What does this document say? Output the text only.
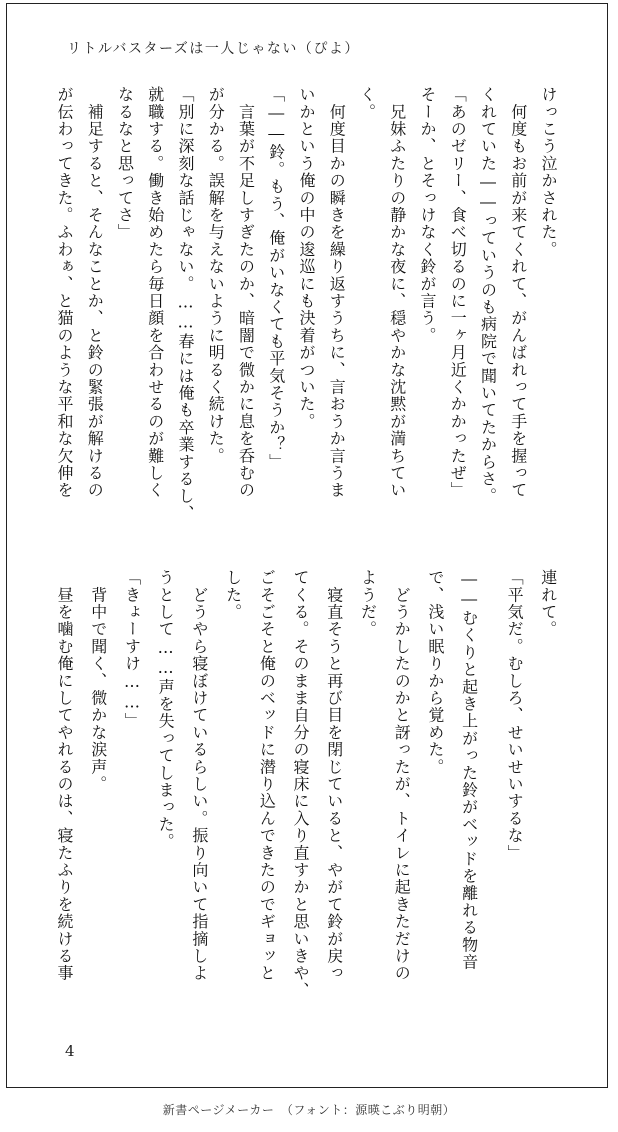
リトルバスターズは一人じゃない（ぴよ）
けっこう泣かされた。
　何度もお前が来てくれて、がんばれって手を握って
くれていた――っていうのも病院で聞いてたからさ。
「あのゼリー、食べ切るのに一ヶ月近くかかったぜ」
そーか、とそっけなく鈴が言う。
　兄妹ふたりの静かな夜に、穏やかな沈黙が満ちてい
く。
　何度目かの瞬きを繰り返すうちに、言おうか言うま
いかという俺の中の逡巡にも決着がついた。
「――鈴。もう、俺がいなくても平気そうか？」
　言葉が不足しすぎたのか、暗闇で微かに息を呑むの
が分かる。誤解を与えないように明るく続けた。
「別に深刻な話じゃない。……春には俺も卒業するし、
就職する。働き始めたら毎日顔を合わせるのが難しく
なるなと思ってさ」
　補足すると、そんなことか、と鈴の緊張が解けるの
が伝わってきた。ふわぁ、と猫のような平和な欠伸を
連れて。
「平気だ。むしろ、せいせいするな」
――むくりと起き上がった鈴がベッドを離れる物音
で、浅い眠りから覚めた。
　どうかしたのかと訝ったが、トイレに起きただけの
ようだ。
　寝直そうと再び目を閉じていると、やがて鈴が戻っ
てくる。そのまま自分の寝床に入り直すかと思いきや、
ごそごそと俺のベッドに潜り込んできたのでギョッと
した。
　どうやら寝ぼけているらしい。振り向いて指摘しよ
うとして……声を失ってしまった。
「きょーすけ……」
　背中で聞く、微かな涙声。
　昼を噛む俺にしてやれるのは、寝たふりを続ける事
4
新書ページメーカー　（フォント：源暎こぶり明朝）
